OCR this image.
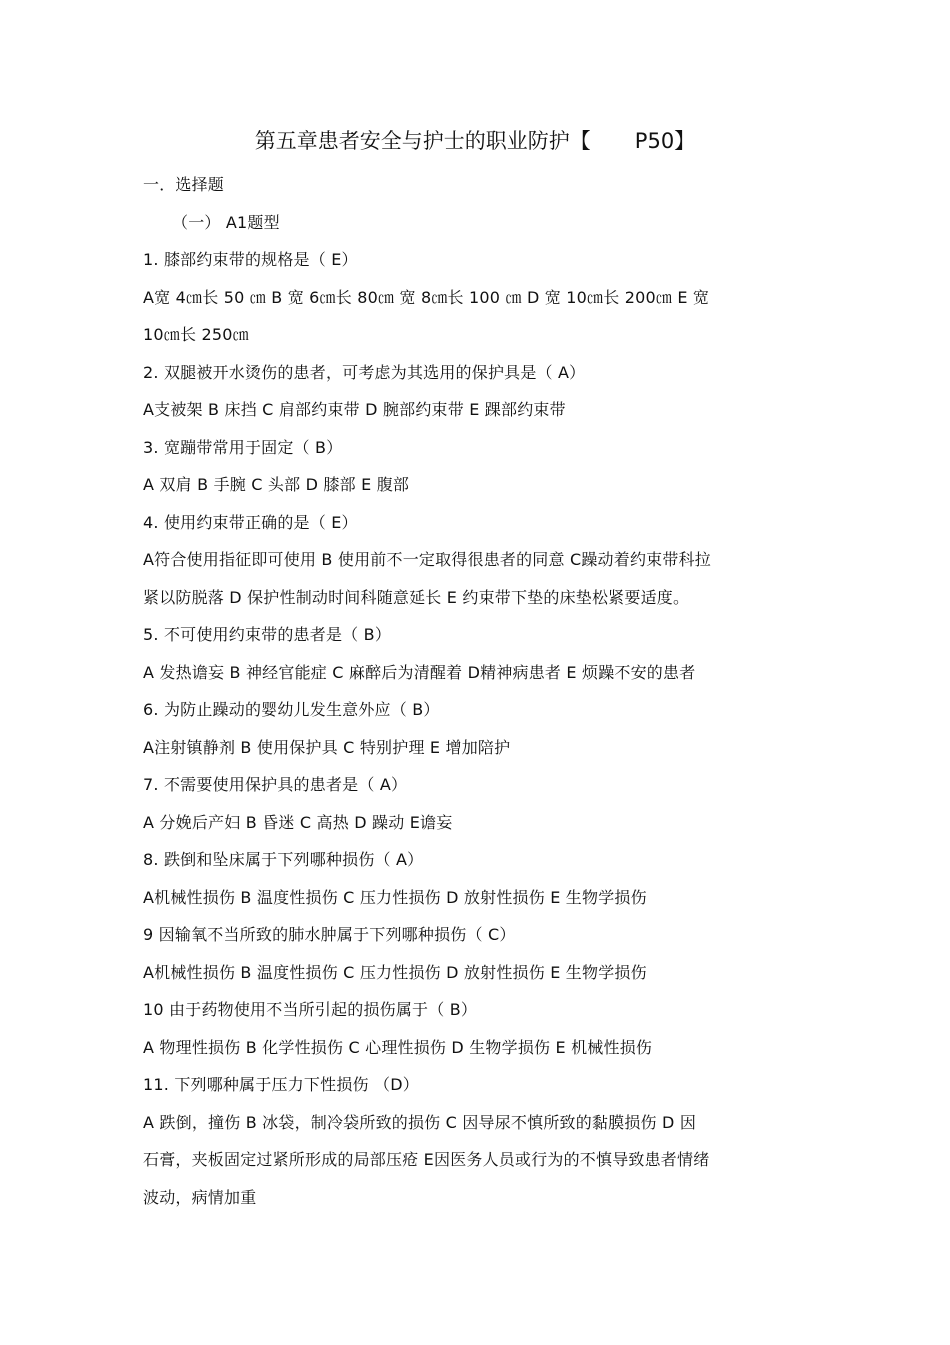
第五章患者安全与护士的职业防护【 P50】
一．选择题
（一） A1题型
1. 膝部约束带的规格是（ E）
A宽 4㎝长 50 ㎝ B 宽 6㎝长 80㎝ 宽 8㎝长 100 ㎝ D 宽 10㎝长 200㎝ E 宽
10㎝长 250㎝
2. 双腿被开水烫伤的患者，可考虑为其选用的保护具是（ A）
A支被架 B 床挡 C 肩部约束带 D 腕部约束带 E 踝部约束带
3. 宽蹦带常用于固定（ B）
A 双肩 B 手腕 C 头部 D 膝部 E 腹部
4. 使用约束带正确的是（ E）
A符合使用指征即可使用 B 使用前不一定取得很患者的同意 C躁动着约束带科拉
紧以防脱落 D 保护性制动时间科随意延长 E 约束带下垫的床垫松紧要适度。
5. 不可使用约束带的患者是（ B）
A 发热谵妄 B 神经官能症 C 麻醉后为清醒着 D精神病患者 E 烦躁不安的患者
6. 为防止躁动的婴幼儿发生意外应（ B）
A注射镇静剂 B 使用保护具 C 特别护理 E 增加陪护
7. 不需要使用保护具的患者是（ A）
A 分娩后产妇 B 昏迷 C 高热 D 躁动 E谵妄
8. 跌倒和坠床属于下列哪种损伤（ A）
A机械性损伤 B 温度性损伤 C 压力性损伤 D 放射性损伤 E 生物学损伤
9 因输氧不当所致的肺水肿属于下列哪种损伤（ C）
A机械性损伤 B 温度性损伤 C 压力性损伤 D 放射性损伤 E 生物学损伤
10 由于药物使用不当所引起的损伤属于（ B）
A 物理性损伤 B 化学性损伤 C 心理性损伤 D 生物学损伤 E 机械性损伤
11. 下列哪种属于压力下性损伤 （D）
A 跌倒，撞伤 B 冰袋，制冷袋所致的损伤 C 因导尿不慎所致的黏膜损伤 D 因
石膏，夹板固定过紧所形成的局部压疮 E因医务人员或行为的不慎导致患者情绪
波动，病情加重
